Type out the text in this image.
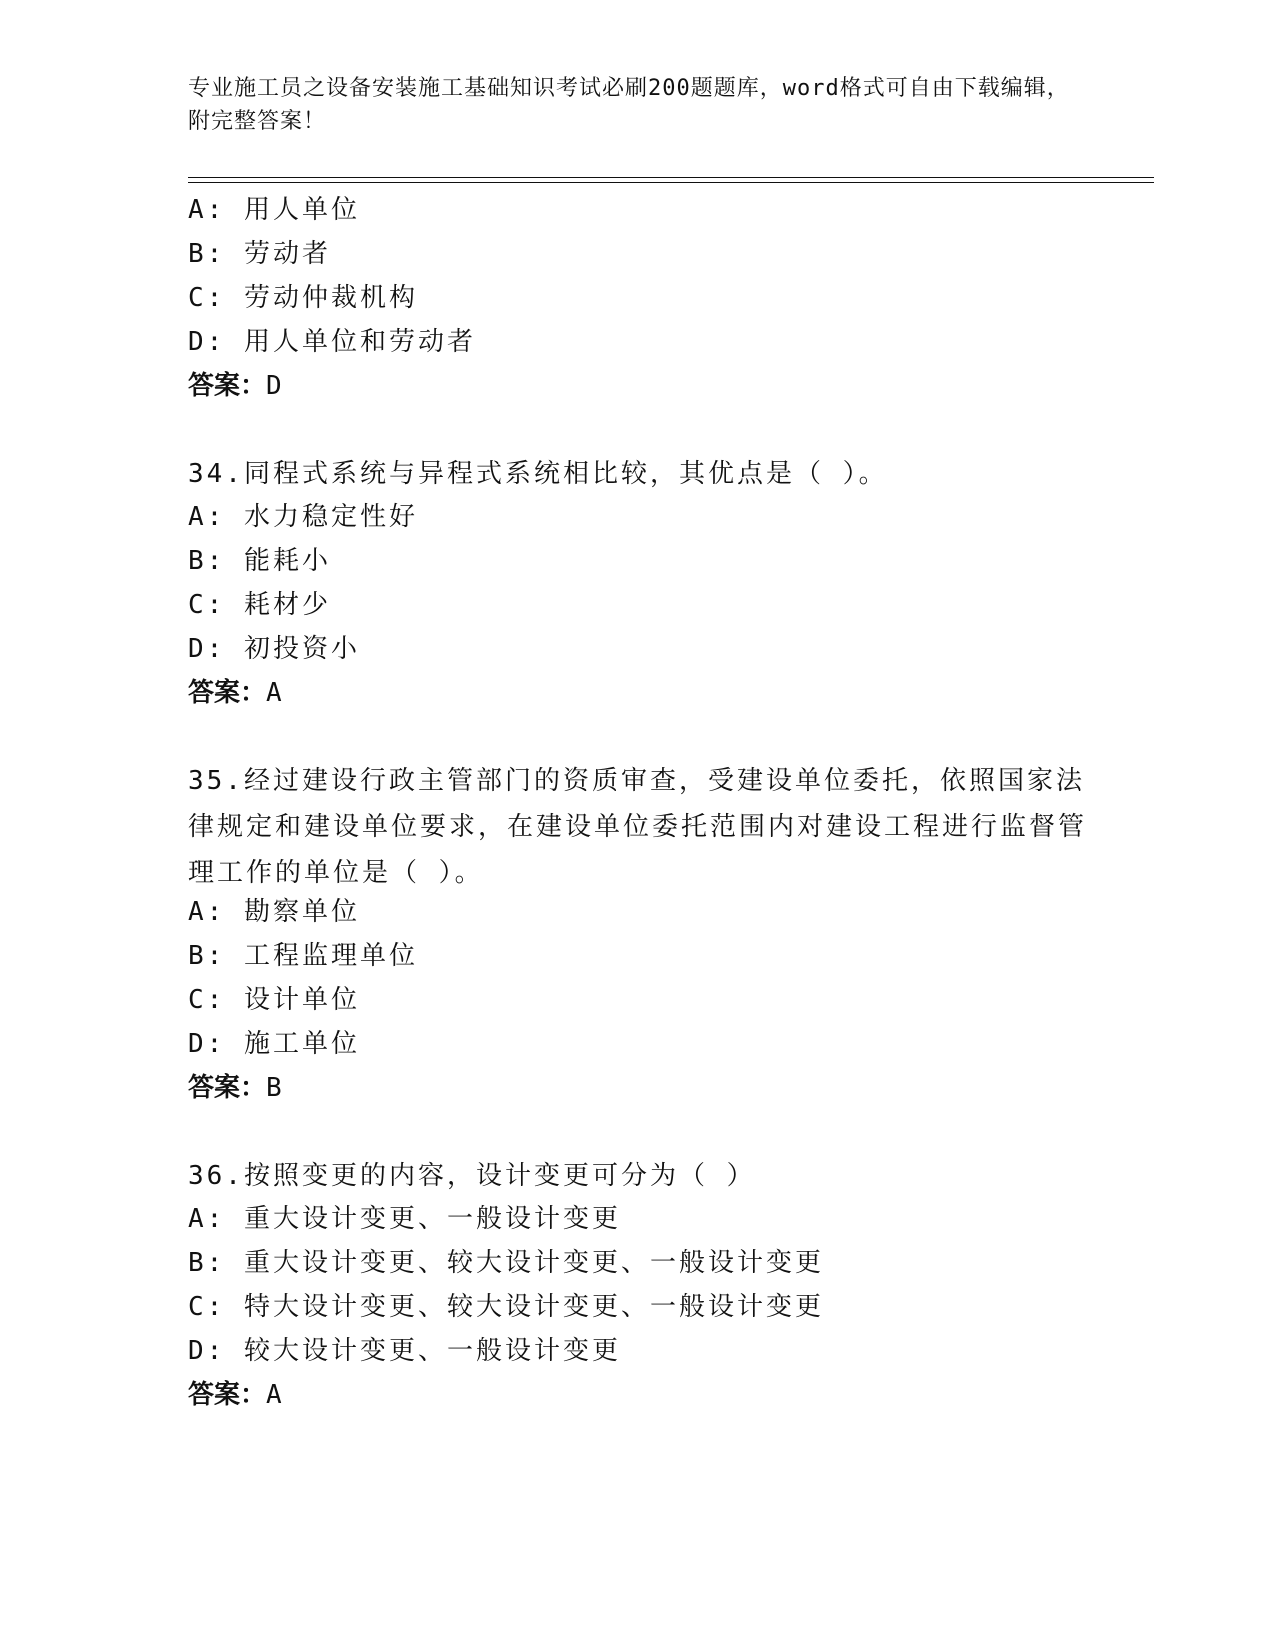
专业施工员之设备安装施工基础知识考试必刷200题题库，word格式可自由下载编辑，附完整答案！
A: 用人单位
B: 劳动者
C: 劳动仲裁机构
D: 用人单位和劳动者
答案：D
34.同程式系统与异程式系统相比较，其优点是（ ）。
A: 水力稳定性好
B: 能耗小
C: 耗材少
D: 初投资小
答案：A
35.经过建设行政主管部门的资质审查，受建设单位委托，依照国家法律规定和建设单位要求，在建设单位委托范围内对建设工程进行监督管理工作的单位是（ ）。
A: 勘察单位
B: 工程监理单位
C: 设计单位
D: 施工单位
答案：B
36.按照变更的内容，设计变更可分为（ ）
A: 重大设计变更、一般设计变更
B: 重大设计变更、较大设计变更、一般设计变更
C: 特大设计变更、较大设计变更、一般设计变更
D: 较大设计变更、一般设计变更
答案：A
